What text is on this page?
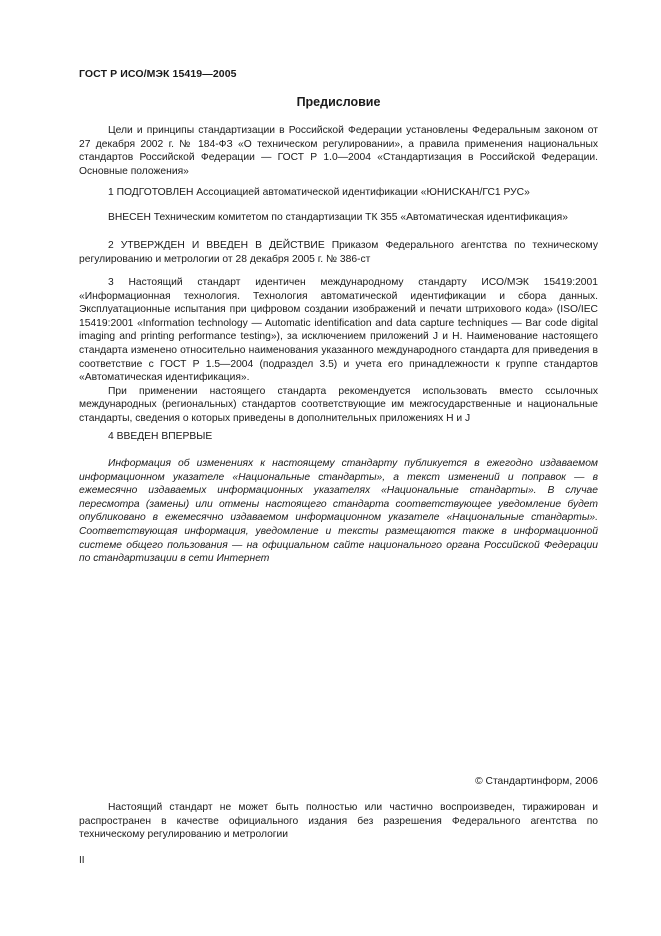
ГОСТ Р ИСО/МЭК 15419—2005
Предисловие

Цели и принципы стандартизации в Российской Федерации установлены Федеральным законом от 27 декабря 2002 г. № 184-ФЗ «О техническом регулировании», а правила применения национальных стандартов Российской Федерации — ГОСТ Р 1.0—2004 «Стандартизация в Российской Федерации. Основные положения»

1 ПОДГОТОВЛЕН Ассоциацией автоматической идентификации «ЮНИСКАН/ГС1 РУС»

ВНЕСЕН Техническим комитетом по стандартизации ТК 355 «Автоматическая идентификация»

2 УТВЕРЖДЕН И ВВЕДЕН В ДЕЙСТВИЕ Приказом Федерального агентства по техническому регулированию и метрологии от 28 декабря 2005 г. № 386-ст

3 Настоящий стандарт идентичен международному стандарту ИСО/МЭК 15419:2001 «Информационная технология. Технология автоматической идентификации и сбора данных. Эксплуатационные испытания при цифровом создании изображений и печати штрихового кода» (ISO/IEC 15419:2001 «Information technology — Automatic identification and data capture techniques — Bar code digital imaging and printing performance testing»), за исключением приложений J и H. Наименование настоящего стандарта изменено относительно наименования указанного международного стандарта для приведения в соответствие с ГОСТ Р 1.5—2004 (подраздел 3.5) и учета его принадлежности к группе стандартов «Автоматическая идентификация».

При применении настоящего стандарта рекомендуется использовать вместо ссылочных международных (региональных) стандартов соответствующие им межгосударственные и национальные стандарты, сведения о которых приведены в дополнительных приложениях Н и J

4 ВВЕДЕН ВПЕРВЫЕ

Информация об изменениях к настоящему стандарту публикуется в ежегодно издаваемом информационном указателе «Национальные стандарты», а текст изменений и поправок — в ежемесячно издаваемых информационных указателях «Национальные стандарты». В случае пересмотра (замены) или отмены настоящего стандарта соответствующее уведомление будет опубликовано в ежемесячно издаваемом информационном указателе «Национальные стандарты». Соответствующая информация, уведомление и тексты размещаются также в информационной системе общего пользования — на официальном сайте национального органа Российской Федерации по стандартизации в сети Интернет

© Стандартинформ, 2006

Настоящий стандарт не может быть полностью или частично воспроизведен, тиражирован и распространен в качестве официального издания без разрешения Федерального агентства по техническому регулированию и метрологии

II
